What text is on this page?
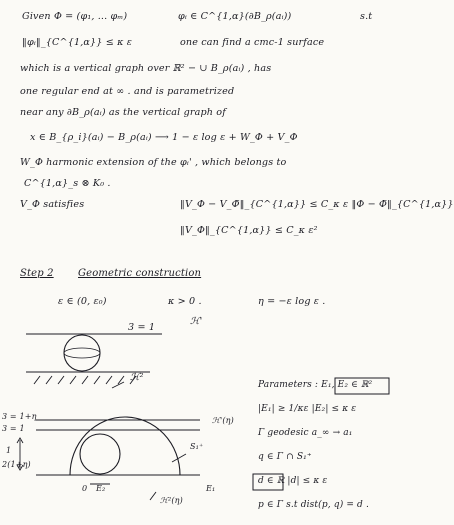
Given Φ = (φ₁, ... φₘ)	φᵢ ∈ C^{1,α}(∂B_ρ(aᵢ))	s.t
‖φᵢ‖_{C^{1,α}} ≤ κ ε	one can find a cmc-1 surface
which is a vertical graph over ℝ² − ∪ B_ρ(aᵢ) , has
one regular end at ∞ . and is parametrized
near any ∂B_ρ(aᵢ) as the vertical graph of
x ∈ B_{ρ_i}(aᵢ) − B_ρ(aᵢ) ⟶ 1 − ε log ε + W_Φ + V_Φ
W_Φ harmonic extension of the φᵢ' , which belongs to
C^{1,α}_s ⊗ K₀ .
V_Φ satisfies	‖V_Φ − V_Φ̃‖_{C^{1,α}} ≤ C_κ ε ‖Φ − Φ̃‖_{C^{1,α}}
‖V_Φ‖_{C^{1,α}} ≤ C_κ ε²
Step 2 Geometric construction
ε ∈ (0, ε₀)	κ > 0 .	η = −ε log ε .
3 = 1
ℋ'
ℋ²
3 = 1+η
3 = 1
1
2(1+η)
ℋ'(η)
S₁⁺
ℋ²(η)
E₂	E₁
0
Parameters : E₁, E₂ ∈ ℝ²
|E₁| ≥ 1/κε |E₂| ≤ κ ε
Γ geodesic a_∞ → a₁
q ∈ Γ ∩ S₁⁺
d ∈ ℝ |d| ≤ κ ε
p ∈ Γ s.t dist(p, q) = d .
